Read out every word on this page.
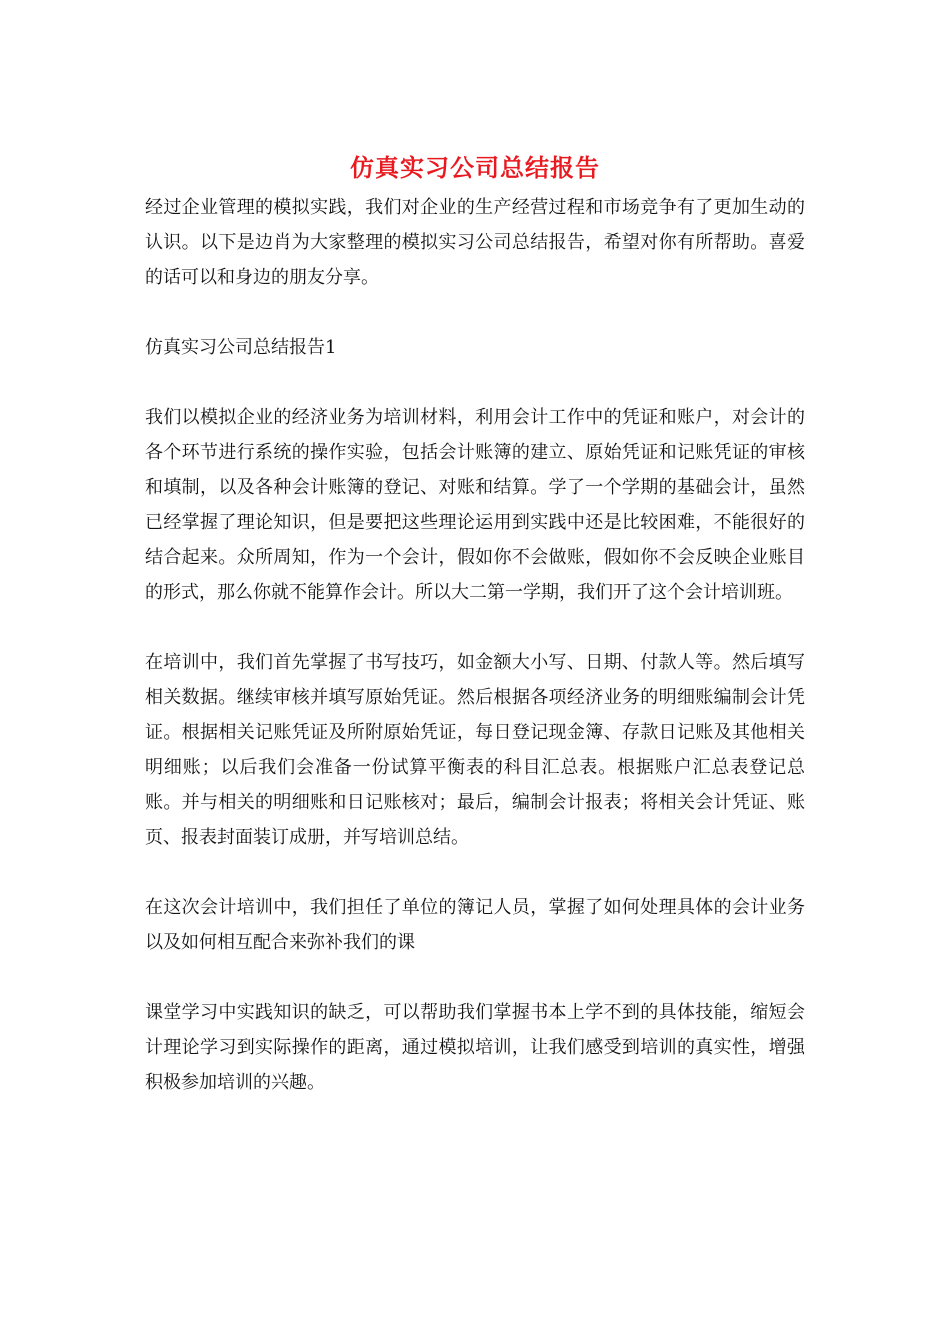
仿真实习公司总结报告

经过企业管理的模拟实践，我们对企业的生产经营过程和市场竞争有了更加生动的认识。以下是边肖为大家整理的模拟实习公司总结报告，希望对你有所帮助。喜爱的话可以和身边的朋友分享。

仿真实习公司总结报告1

我们以模拟企业的经济业务为培训材料，利用会计工作中的凭证和账户，对会计的各个环节进行系统的操作实验，包括会计账簿的建立、原始凭证和记账凭证的审核和填制，以及各种会计账簿的登记、对账和结算。学了一个学期的基础会计，虽然已经掌握了理论知识，但是要把这些理论运用到实践中还是比较困难，不能很好的结合起来。众所周知，作为一个会计，假如你不会做账，假如你不会反映企业账目的形式，那么你就不能算作会计。所以大二第一学期，我们开了这个会计培训班。

在培训中，我们首先掌握了书写技巧，如金额大小写、日期、付款人等。然后填写相关数据。继续审核并填写原始凭证。然后根据各项经济业务的明细账编制会计凭证。根据相关记账凭证及所附原始凭证，每日登记现金簿、存款日记账及其他相关明细账；以后我们会准备一份试算平衡表的科目汇总表。根据账户汇总表登记总账。并与相关的明细账和日记账核对；最后，编制会计报表；将相关会计凭证、账页、报表封面装订成册，并写培训总结。

在这次会计培训中，我们担任了单位的簿记人员，掌握了如何处理具体的会计业务以及如何相互配合来弥补我们的课

课堂学习中实践知识的缺乏，可以帮助我们掌握书本上学不到的具体技能，缩短会计理论学习到实际操作的距离，通过模拟培训，让我们感受到培训的真实性，增强积极参加培训的兴趣。
